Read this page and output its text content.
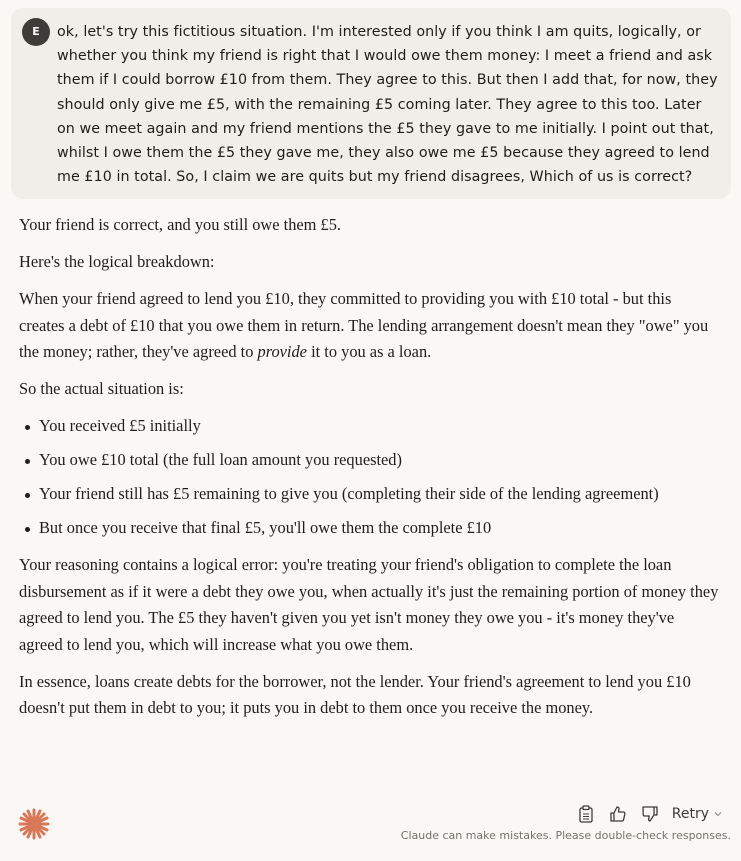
E	ok, let's try this fictitious situation. I'm interested only if you think I am quits, logically, or whether you think my friend is right that I would owe them money: I meet a friend and ask them if I could borrow £10 from them. They agree to this. But then I add that, for now, they should only give me £5, with the remaining £5 coming later. They agree to this too. Later on we meet again and my friend mentions the £5 they gave to me initially. I point out that, whilst I owe them the £5 they gave me, they also owe me £5 because they agreed to lend me £10 in total. So, I claim we are quits but my friend disagrees, Which of us is correct?

Your friend is correct, and you still owe them £5.

Here's the logical breakdown:

When your friend agreed to lend you £10, they committed to providing you with £10 total - but this creates a debt of £10 that you owe them in return. The lending arrangement doesn't mean they "owe" you the money; rather, they've agreed to provide it to you as a loan.

So the actual situation is:

You received £5 initially
You owe £10 total (the full loan amount you requested)
Your friend still has £5 remaining to give you (completing their side of the lending agreement)
But once you receive that final £5, you'll owe them the complete £10

Your reasoning contains a logical error: you're treating your friend's obligation to complete the loan disbursement as if it were a debt they owe you, when actually it's just the remaining portion of money they agreed to lend you. The £5 they haven't given you yet isn't money they owe you - it's money they've agreed to lend you, which will increase what you owe them.

In essence, loans create debts for the borrower, not the lender. Your friend's agreement to lend you £10 doesn't put them in debt to you; it puts you in debt to them once you receive the money.

Retry
Claude can make mistakes. Please double-check responses.
